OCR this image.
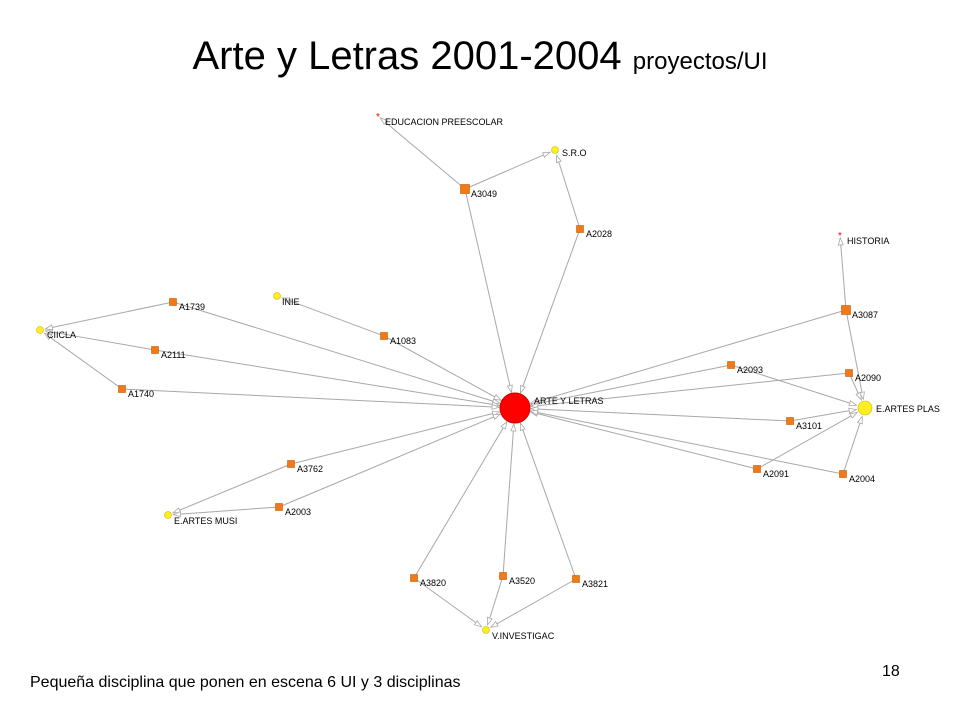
Arte y Letras 2001-2004 proyectos/UI
ARTE Y LETRAS
* EDUCACION PREESCOLAR
S.R.O
A3049
A2028	* HISTORIA
A3087
INIE
A1739
CIICLA
A1083
A2111
A2093
A2090
A1740
E.ARTES PLAS
A3101
A3762	A2091	A2004
A2003
E.ARTES MUSI
A3820	A3520	A3821
V.INVESTIGAC
Pequeña disciplina que ponen en escena 6 UI y 3 disciplinas
18
